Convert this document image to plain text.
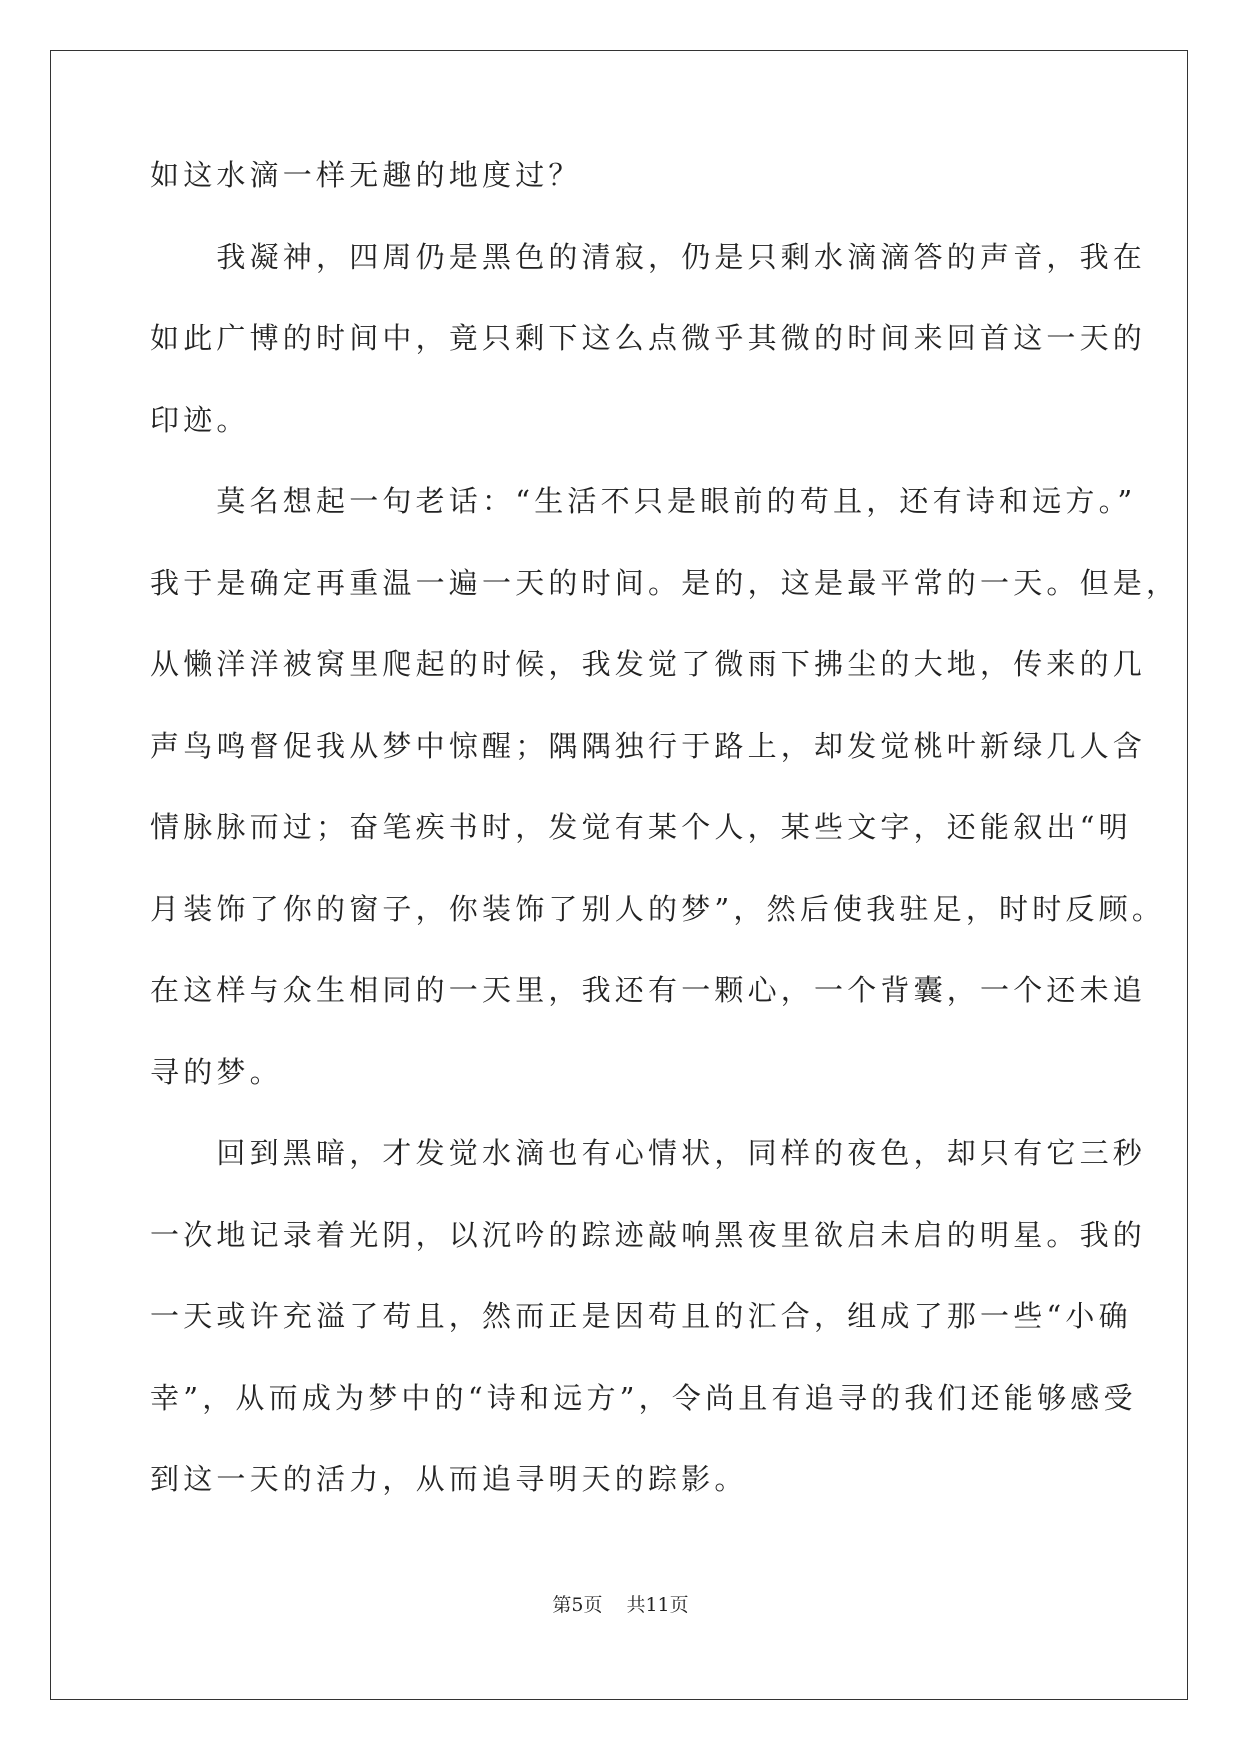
如这水滴一样无趣的地度过？
　　我凝神，四周仍是黑色的清寂，仍是只剩水滴滴答的声音，我在
如此广博的时间中，竟只剩下这么点微乎其微的时间来回首这一天的
印迹。
　　莫名想起一句老话：“生活不只是眼前的苟且，还有诗和远方。”
我于是确定再重温一遍一天的时间。是的，这是最平常的一天。但是，
从懒洋洋被窝里爬起的时候，我发觉了微雨下拂尘的大地，传来的几
声鸟鸣督促我从梦中惊醒；隅隅独行于路上，却发觉桃叶新绿几人含
情脉脉而过；奋笔疾书时，发觉有某个人，某些文字，还能叙出“明
月装饰了你的窗子，你装饰了别人的梦”，然后使我驻足，时时反顾。
在这样与众生相同的一天里，我还有一颗心，一个背囊，一个还未追
寻的梦。
　　回到黑暗，才发觉水滴也有心情状，同样的夜色，却只有它三秒
一次地记录着光阴，以沉吟的踪迹敲响黑夜里欲启未启的明星。我的
一天或许充溢了苟且，然而正是因苟且的汇合，组成了那一些“小确
幸”，从而成为梦中的“诗和远方”，令尚且有追寻的我们还能够感受
到这一天的活力，从而追寻明天的踪影。
第5页 共11页
